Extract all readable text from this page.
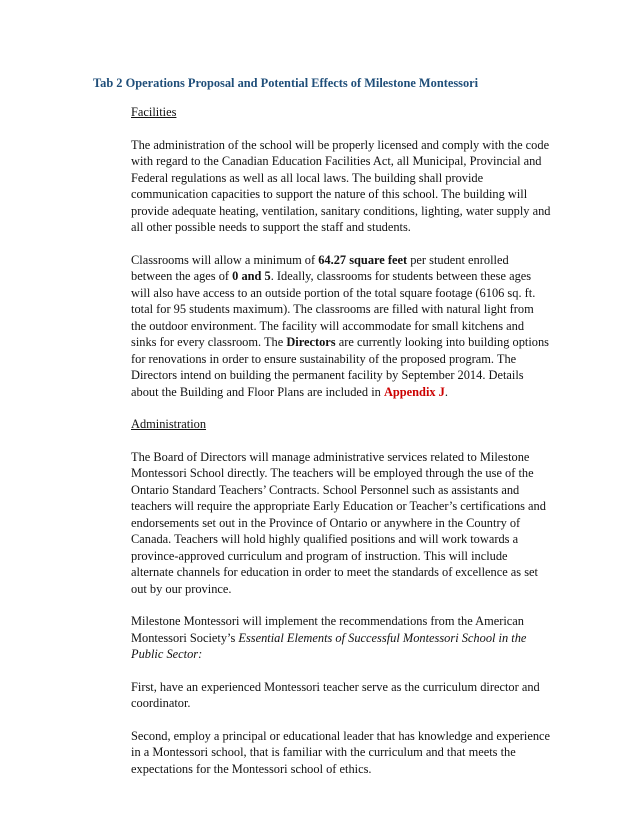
Tab 2 Operations Proposal and Potential Effects of Milestone Montessori
Facilities

The administration of the school will be properly licensed and comply with the code with regard to the Canadian Education Facilities Act, all Municipal, Provincial and Federal regulations as well as all local laws. The building shall provide communication capacities to support the nature of this school. The building will provide adequate heating, ventilation, sanitary conditions, lighting, water supply and all other possible needs to support the staff and students.

Classrooms will allow a minimum of 64.27 square feet per student enrolled between the ages of 0 and 5. Ideally, classrooms for students between these ages will also have access to an outside portion of the total square footage (6106 sq. ft. total for 95 students maximum). The classrooms are filled with natural light from the outdoor environment. The facility will accommodate for small kitchens and sinks for every classroom. The Directors are currently looking into building options for renovations in order to ensure sustainability of the proposed program. The Directors intend on building the permanent facility by September 2014. Details about the Building and Floor Plans are included in Appendix J.

Administration

The Board of Directors will manage administrative services related to Milestone Montessori School directly. The teachers will be employed through the use of the Ontario Standard Teachers’ Contracts. School Personnel such as assistants and teachers will require the appropriate Early Education or Teacher’s certifications and endorsements set out in the Province of Ontario or anywhere in the Country of Canada. Teachers will hold highly qualified positions and will work towards a province-approved curriculum and program of instruction. This will include alternate channels for education in order to meet the standards of excellence as set out by our province.

Milestone Montessori will implement the recommendations from the American Montessori Society’s Essential Elements of Successful Montessori School in the Public Sector:

First, have an experienced Montessori teacher serve as the curriculum director and coordinator.

Second, employ a principal or educational leader that has knowledge and experience in a Montessori school, that is familiar with the curriculum and that meets the expectations for the Montessori school of ethics.
